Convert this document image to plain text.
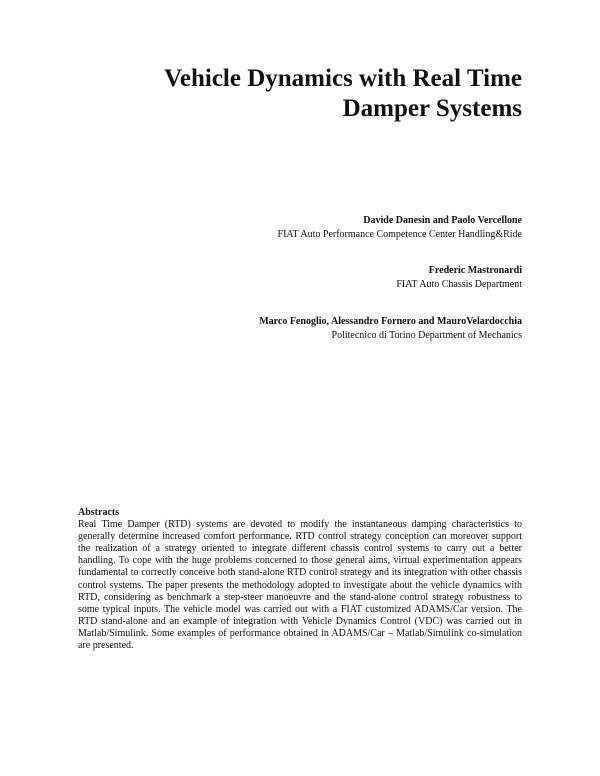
Vehicle Dynamics with Real Time
Damper Systems
Davide Danesin and Paolo Vercellone
FIAT Auto Performance Competence Center Handling&Ride
Frederic Mastronardi
FIAT Auto Chassis Department
Marco Fenoglio, Alessandro Fornero and MauroVelardocchia
Politecnico di Torino Department of Mechanics
Abstracts

Real Time Damper (RTD) systems are devoted to modify the instantaneous damping characteristics to generally determine increased comfort performance. RTD control strategy conception can moreover support the realization of a strategy oriented to integrate different chassis control systems to carry out a better handling. To cope with the huge problems concerned to those general aims, virtual experimentation appears fundamental to correctly conceive both stand-alone RTD control strategy and its integration with other chassis control systems. The paper presents the methodology adopted to investigate about the vehicle dynamics with RTD, considering as benchmark a step-steer manoeuvre and the stand-alone control strategy robustness to some typical inputs. The vehicle model was carried out with a FIAT customized ADAMS/Car version. The RTD stand-alone and an example of integration with Vehicle Dynamics Control (VDC) was carried out in Matlab/Simulink. Some examples of performance obtained in ADAMS/Car – Matlab/Simulink co-simulation are presented.
